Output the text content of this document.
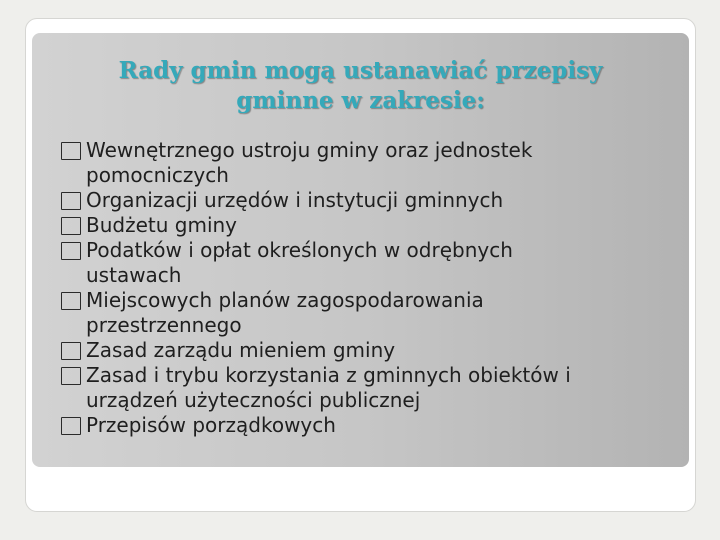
Rady gmin mogą ustanawiać przepisy
gminne w zakresie:
Wewnętrznego ustroju gminy oraz jednostek
pomocniczych
Organizacji urzędów i instytucji gminnych
Budżetu gminy
Podatków i opłat określonych w odrębnych
ustawach
Miejscowych planów zagospodarowania
przestrzennego
Zasad zarządu mieniem gminy
Zasad i trybu korzystania z gminnych obiektów i
urządzeń użyteczności publicznej
Przepisów porządkowych
